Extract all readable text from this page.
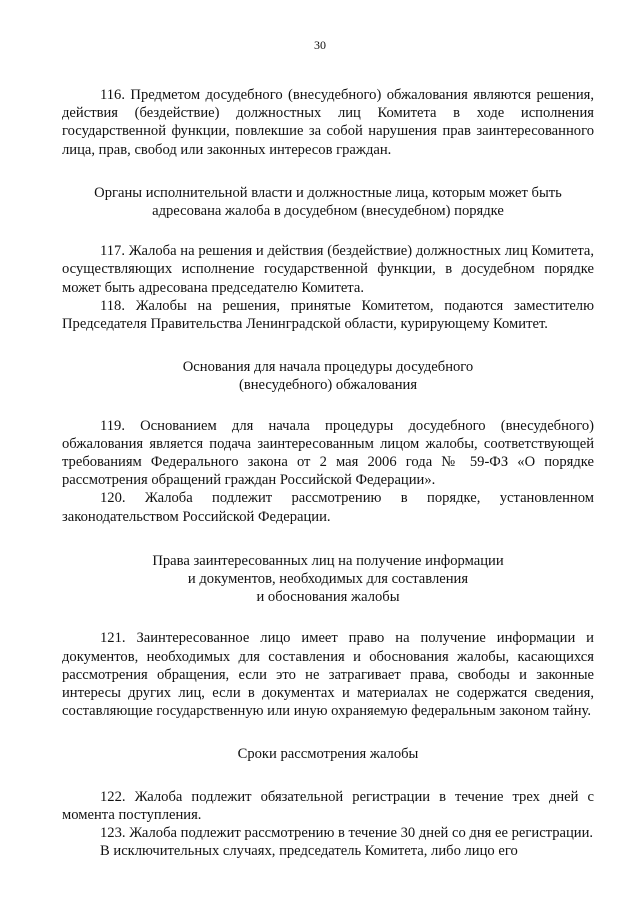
30

116. Предметом досудебного (внесудебного) обжалования являются решения, действия (бездействие) должностных лиц Комитета в ходе исполнения государственной функции, повлекшие за собой нарушения прав заинтересованного лица, прав, свобод или законных интересов граждан.

Органы исполнительной власти и должностные лица, которым может быть
адресована жалоба в досудебном (внесудебном) порядке

117. Жалоба на решения и действия (бездействие) должностных лиц Комитета, осуществляющих исполнение государственной функции, в досудебном порядке может быть адресована председателю Комитета.

118. Жалобы на решения, принятые Комитетом, подаются заместителю Председателя Правительства Ленинградской области, курирующему Комитет.

Основания для начала процедуры досудебного
(внесудебного) обжалования

119. Основанием для начала процедуры досудебного (внесудебного) обжалования является подача заинтересованным лицом жалобы, соответствующей требованиям Федерального закона от 2 мая 2006 года № 59-ФЗ «О порядке рассмотрения обращений граждан Российской Федерации».

120. Жалоба подлежит рассмотрению в порядке, установленном законодательством Российской Федерации.

Права заинтересованных лиц на получение информации
и документов, необходимых для составления
и обоснования жалобы

121. Заинтересованное лицо имеет право на получение информации и документов, необходимых для составления и обоснования жалобы, касающихся рассмотрения обращения, если это не затрагивает права, свободы и законные интересы других лиц, если в документах и материалах не содержатся сведения, составляющие государственную или иную охраняемую федеральным законом тайну.

Сроки рассмотрения жалобы

122. Жалоба подлежит обязательной регистрации в течение трех дней с момента поступления.

123. Жалоба подлежит рассмотрению в течение 30 дней со дня ее регистрации.

В исключительных случаях, председатель Комитета, либо лицо его
